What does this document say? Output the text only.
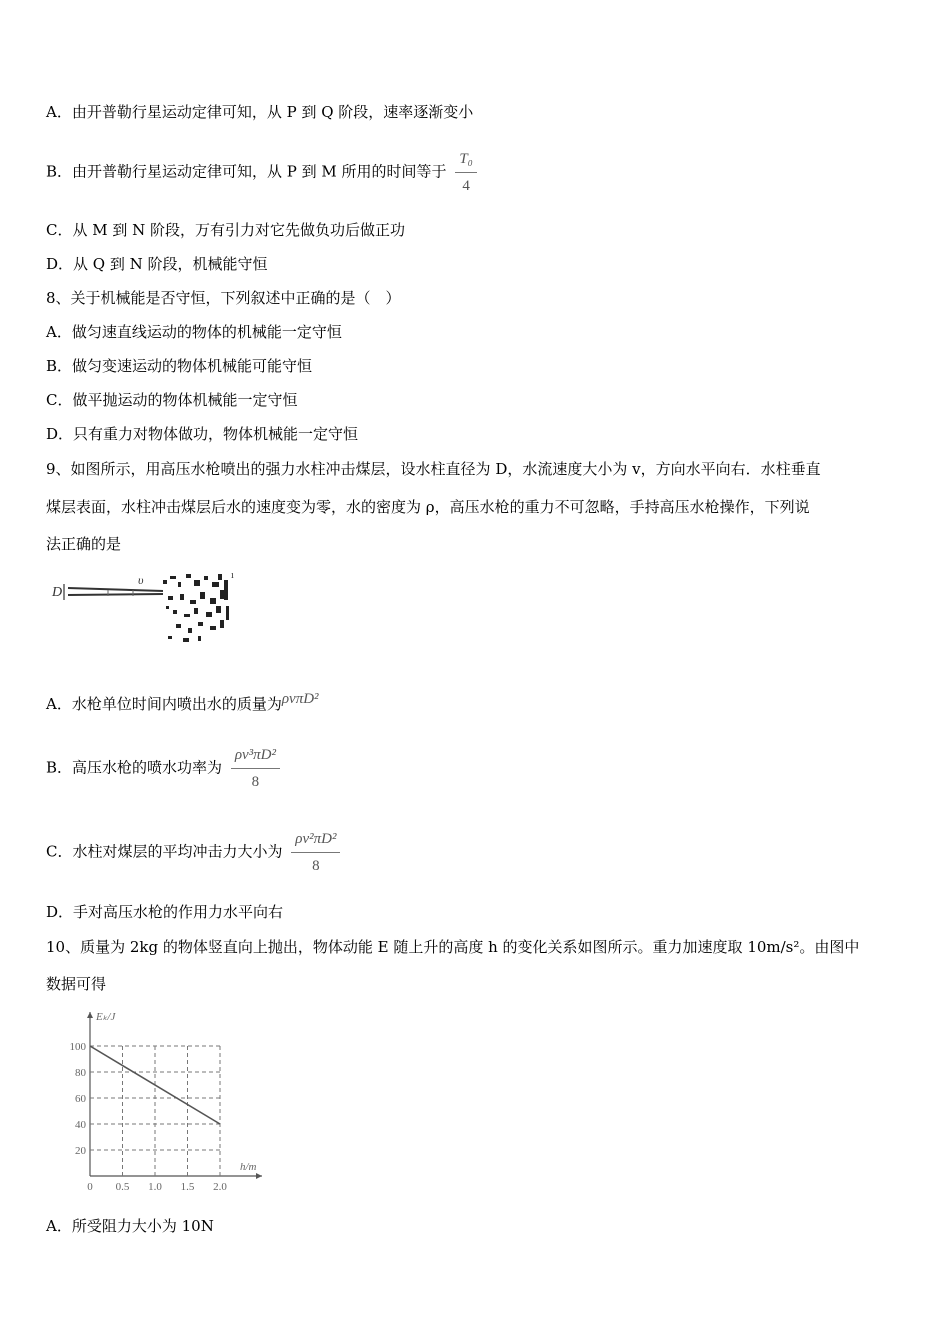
A．由开普勒行星运动定律可知，从 P 到 Q 阶段，速率逐渐变小
B．由开普勒行星运动定律可知，从 P 到 M 所用的时间等于 $\frac{\text{T₀}}{4}$
C．从 M 到 N 阶段，万有引力对它先做负功后做正功
D．从 Q 到 N 阶段，机械能守恒
8、关于机械能是否守恒，下列叙述中正确的是（　）
A．做匀速直线运动的物体的机械能一定守恒
B．做匀变速运动的物体机械能可能守恒
C．做平抛运动的物体机械能一定守恒
D．只有重力对物体做功，物体机械能一定守恒
9、如图所示，用高压水枪喷出的强力水柱冲击煤层，设水柱直径为 D，水流速度大小为 v，方向水平向右．水柱垂直
煤层表面，水柱冲击煤层后水的速度变为零，水的密度为 ρ，高压水枪的重力不可忽略，手持高压水枪操作，下列说
法正确的是
D
υ	ı
A．水枪单位时间内喷出水的质量为ρvπD²
B．高压水枪的喷水功率为 $\frac{\text{ρv³πD²}}{8}$
C．水柱对煤层的平均冲击力大小为 $\frac{\text{ρv²πD²}}{8}$
D．手对高压水枪的作用力水平向右
10、质量为 2kg 的物体竖直向上抛出，物体动能 E 随上升的高度 h 的变化关系如图所示。重力加速度取 10m/s²。由图中
数据可得
20
40
60
80
100
0 0.5 1.0 1.5 2.0
Eₖ/J
h/m
A．所受阻力大小为 10N
